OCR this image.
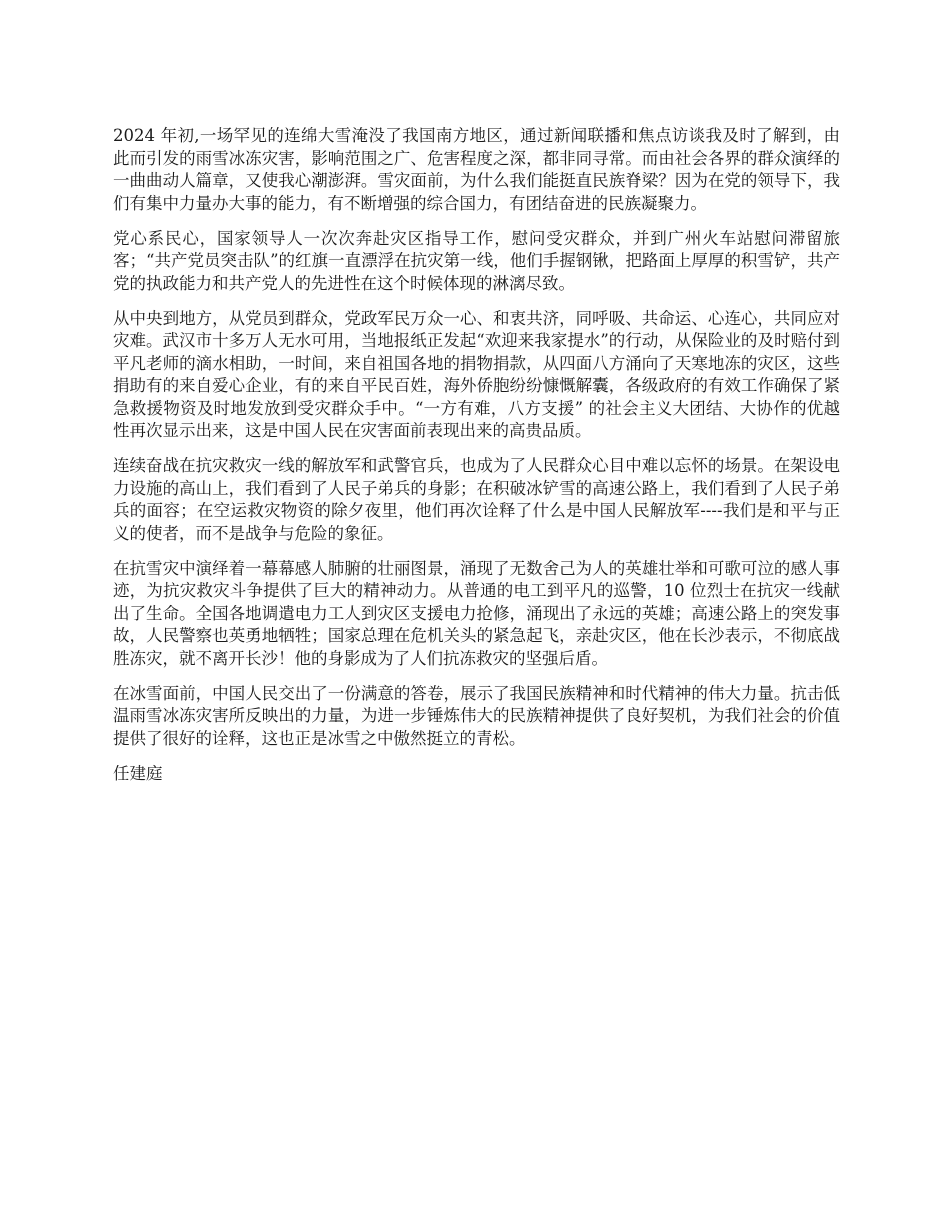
2024 年初,一场罕见的连绵大雪淹没了我国南方地区，通过新闻联播和焦点访谈我及时了解到，由此而引发的雨雪冰冻灾害，影响范围之广、危害程度之深，都非同寻常。而由社会各界的群众演绎的一曲曲动人篇章，又使我心潮澎湃。雪灾面前，为什么我们能挺直民族脊梁？因为在党的领导下，我们有集中力量办大事的能力，有不断增强的综合国力，有团结奋进的民族凝聚力。

党心系民心，国家领导人一次次奔赴灾区指导工作，慰问受灾群众，并到广州火车站慰问滞留旅客；“共产党员突击队”的红旗一直漂浮在抗灾第一线，他们手握钢锹，把路面上厚厚的积雪铲，共产党的执政能力和共产党人的先进性在这个时候体现的淋漓尽致。

从中央到地方，从党员到群众，党政军民万众一心、和衷共济，同呼吸、共命运、心连心，共同应对灾难。武汉市十多万人无水可用，当地报纸正发起“欢迎来我家提水”的行动，从保险业的及时赔付到平凡老师的滴水相助，一时间，来自祖国各地的捐物捐款，从四面八方涌向了天寒地冻的灾区，这些捐助有的来自爱心企业，有的来自平民百姓，海外侨胞纷纷慷慨解囊，各级政府的有效工作确保了紧急救援物资及时地发放到受灾群众手中。“一方有难，八方支援” 的社会主义大团结、大协作的优越性再次显示出来，这是中国人民在灾害面前表现出来的高贵品质。

连续奋战在抗灾救灾一线的解放军和武警官兵，也成为了人民群众心目中难以忘怀的场景。在架设电力设施的高山上，我们看到了人民子弟兵的身影；在积破冰铲雪的高速公路上，我们看到了人民子弟兵的面容；在空运救灾物资的除夕夜里，他们再次诠释了什么是中国人民解放军----我们是和平与正义的使者，而不是战争与危险的象征。

在抗雪灾中演绎着一幕幕感人肺腑的壮丽图景，涌现了无数舍己为人的英雄壮举和可歌可泣的感人事迹，为抗灾救灾斗争提供了巨大的精神动力。从普通的电工到平凡的巡警，10 位烈士在抗灾一线献出了生命。全国各地调遣电力工人到灾区支援电力抢修，涌现出了永远的英雄；高速公路上的突发事故，人民警察也英勇地牺牲；国家总理在危机关头的紧急起飞，亲赴灾区，他在长沙表示，不彻底战胜冻灾，就不离开长沙！他的身影成为了人们抗冻救灾的坚强后盾。

在冰雪面前，中国人民交出了一份满意的答卷，展示了我国民族精神和时代精神的伟大力量。抗击低温雨雪冰冻灾害所反映出的力量，为进一步锤炼伟大的民族精神提供了良好契机，为我们社会的价值提供了很好的诠释，这也正是冰雪之中傲然挺立的青松。

任建庭
